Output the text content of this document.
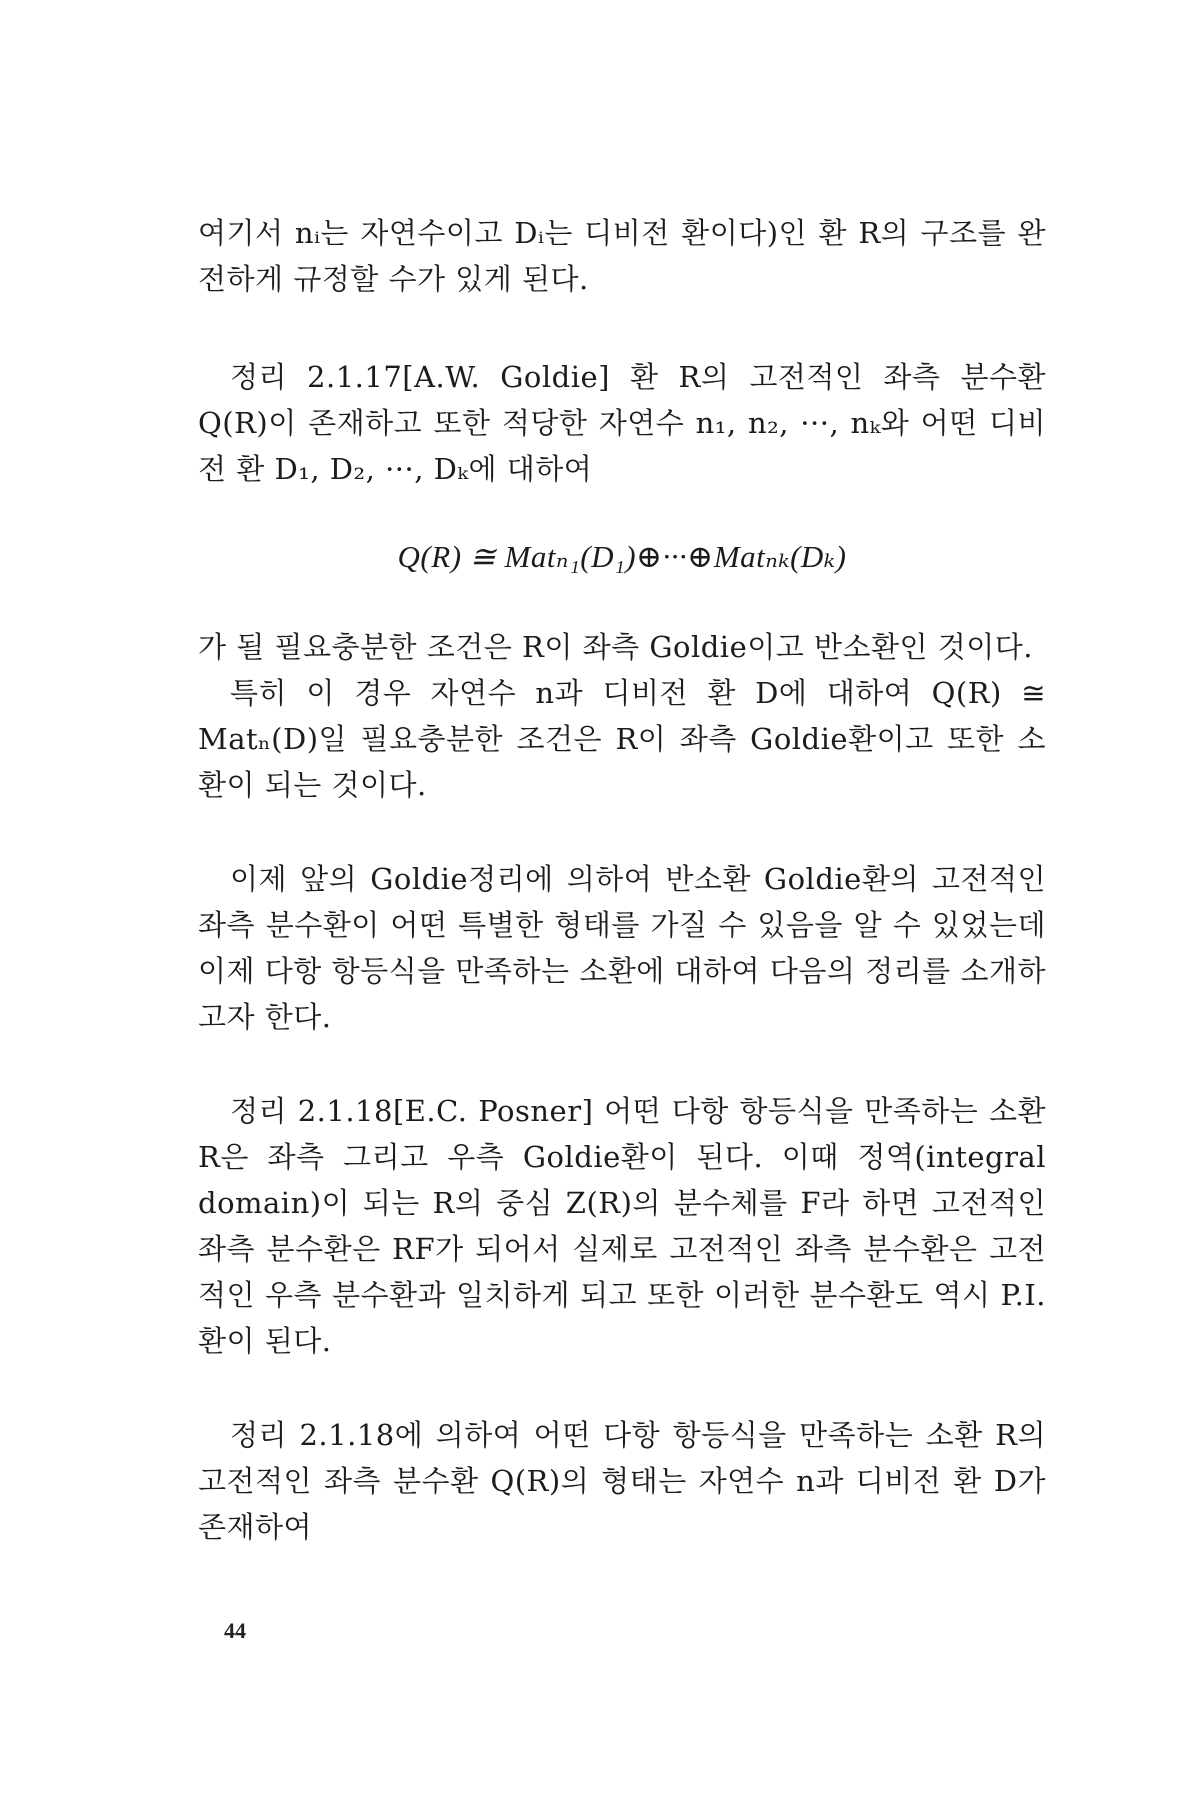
여기서 nᵢ는 자연수이고 Dᵢ는 디비전 환이다)인 환 R의 구조를 완전하게 규정할 수가 있게 된다.

정리 2.1.17[A.W. Goldie] 환 R의 고전적인 좌측 분수환 Q(R)이 존재하고 또한 적당한 자연수 n₁, n₂, ···, nₖ와 어떤 디비전 환 D₁, D₂, ···, Dₖ에 대하여

Q(R) ≅ Matₙ₁(D₁)⊕···⊕Matₙₖ(Dₖ)

가 될 필요충분한 조건은 R이 좌측 Goldie이고 반소환인 것이다.

특히 이 경우 자연수 n과 디비전 환 D에 대하여 Q(R) ≅ Matₙ(D)일 필요충분한 조건은 R이 좌측 Goldie환이고 또한 소환이 되는 것이다.

이제 앞의 Goldie정리에 의하여 반소환 Goldie환의 고전적인 좌측 분수환이 어떤 특별한 형태를 가질 수 있음을 알 수 있었는데 이제 다항 항등식을 만족하는 소환에 대하여 다음의 정리를 소개하고자 한다.

정리 2.1.18[E.C. Posner] 어떤 다항 항등식을 만족하는 소환 R은 좌측 그리고 우측 Goldie환이 된다. 이때 정역(integral domain)이 되는 R의 중심 Z(R)의 분수체를 F라 하면 고전적인 좌측 분수환은 RF가 되어서 실제로 고전적인 좌측 분수환은 고전적인 우측 분수환과 일치하게 되고 또한 이러한 분수환도 역시 P.I.환이 된다.

정리 2.1.18에 의하여 어떤 다항 항등식을 만족하는 소환 R의 고전적인 좌측 분수환 Q(R)의 형태는 자연수 n과 디비전 환 D가 존재하여

44
